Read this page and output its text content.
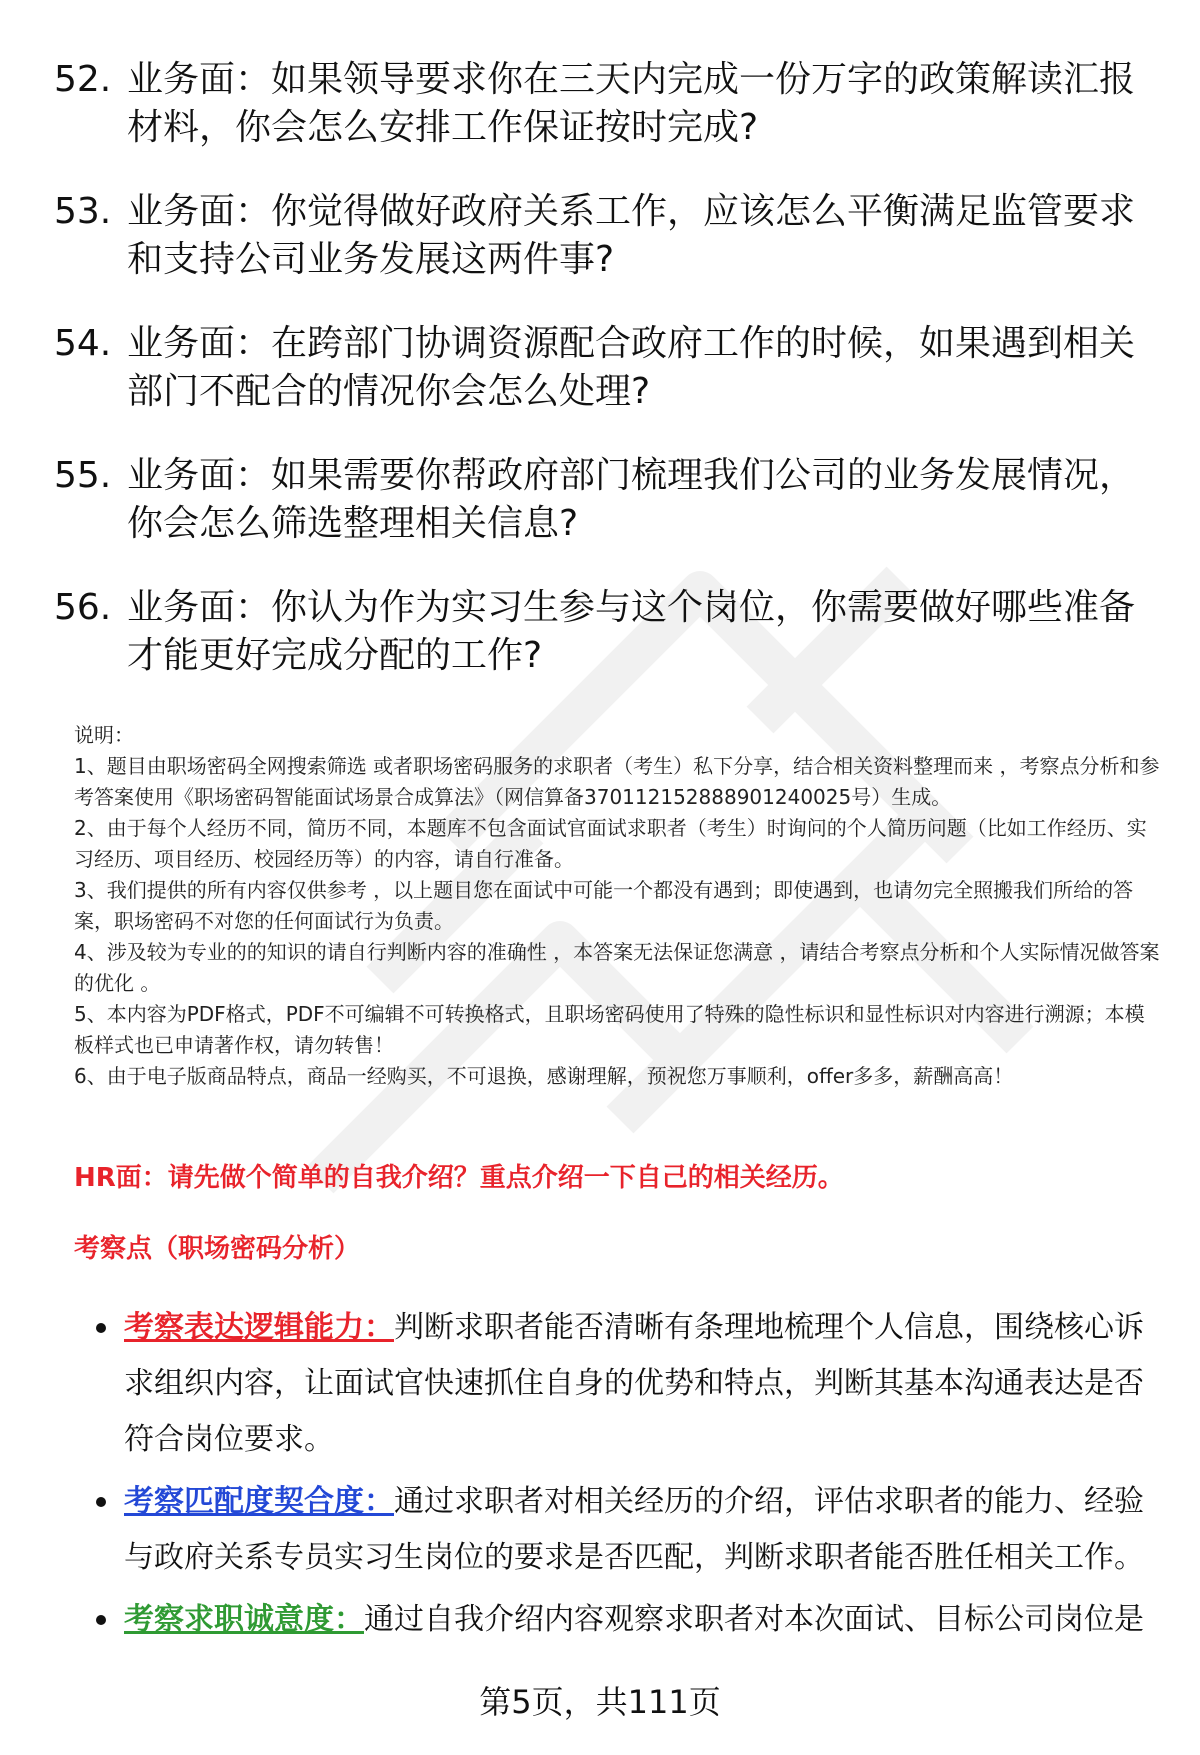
52. 业务面：如果领导要求你在三天内完成一份万字的政策解读汇报材料，你会怎么安排工作保证按时完成?
53. 业务面：你觉得做好政府关系工作，应该怎么平衡满足监管要求和支持公司业务发展这两件事?
54. 业务面：在跨部门协调资源配合政府工作的时候，如果遇到相关部门不配合的情况你会怎么处理?
55. 业务面：如果需要你帮政府部门梳理我们公司的业务发展情况，你会怎么筛选整理相关信息?
56. 业务面：你认为作为实习生参与这个岗位，你需要做好哪些准备才能更好完成分配的工作?
说明：
1、题目由职场密码全网搜索筛选 或者职场密码服务的求职者（考生）私下分享，结合相关资料整理而来 ，考察点分析和参考答案使用《职场密码智能面试场景合成算法》（网信算备370112152888901240025号）生成。
2、由于每个人经历不同，简历不同，本题库不包含面试官面试求职者（考生）时询问的个人简历问题（比如工作经历、实习经历、项目经历、校园经历等）的内容，请自行准备。
3、我们提供的所有内容仅供参考 ，以上题目您在面试中可能一个都没有遇到；即使遇到，也请勿完全照搬我们所给的答案，职场密码不对您的任何面试行为负责。
4、涉及较为专业的的知识的请自行判断内容的准确性 ，本答案无法保证您满意 ，请结合考察点分析和个人实际情况做答案的优化 。
5、本内容为PDF格式，PDF不可编辑不可转换格式，且职场密码使用了特殊的隐性标识和显性标识对内容进行溯源；本模板样式也已申请著作权，请勿转售！
6、由于电子版商品特点，商品一经购买，不可退换，感谢理解，预祝您万事顺利，offer多多，薪酬高高！
HR面：请先做个简单的自我介绍？重点介绍一下自己的相关经历。
考察点（职场密码分析）
考察表达逻辑能力：判断求职者能否清晰有条理地梳理个人信息，围绕核心诉求组织内容，让面试官快速抓住自身的优势和特点，判断其基本沟通表达是否符合岗位要求。
考察匹配度契合度：通过求职者对相关经历的介绍，评估求职者的能力、经验与政府关系专员实习生岗位的要求是否匹配，判断求职者能否胜任相关工作。
考察求职诚意度：通过自我介绍内容观察求职者对本次面试、目标公司岗位是
第5页，共111页
